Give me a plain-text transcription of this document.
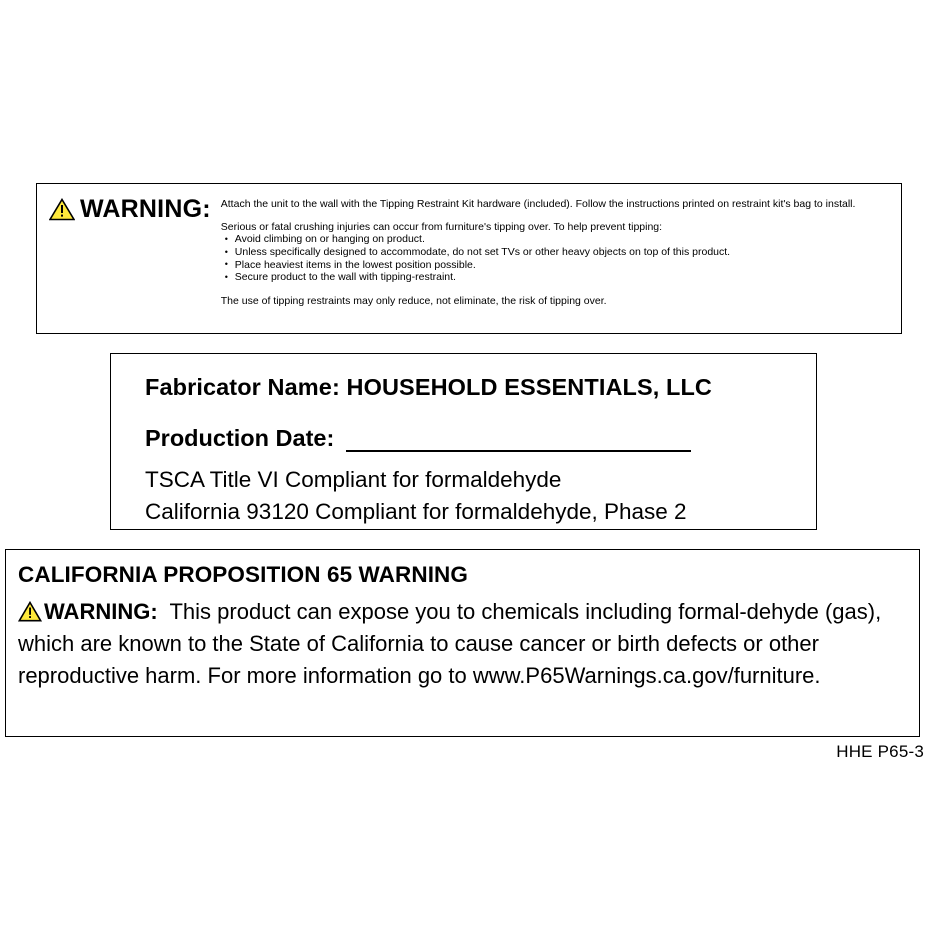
WARNING: Attach the unit to the wall with the Tipping Restraint Kit hardware (included). Follow the instructions printed on restraint kit's bag to install.

Serious or fatal crushing injuries can occur from furniture's tipping over. To help prevent tipping:

• Avoid climbing on or hanging on product.
• Unless specifically designed to accommodate, do not set TVs or other heavy objects on top of this product.
• Place heaviest items in the lowest position possible.
• Secure product to the wall with tipping-restraint.

The use of tipping restraints may only reduce, not eliminate, the risk of tipping over.

Fabricator Name: HOUSEHOLD ESSENTIALS, LLC
Production Date:
TSCA Title VI Compliant for formaldehyde
California 93120 Compliant for formaldehyde, Phase 2
CALIFORNIA PROPOSITION 65 WARNING
WARNING: This product can expose you to chemicals including formal-dehyde (gas), which are known to the State of California to cause cancer or birth defects or other reproductive harm. For more information go to www.P65Warnings.ca.gov/furniture.
HHE P65-3
